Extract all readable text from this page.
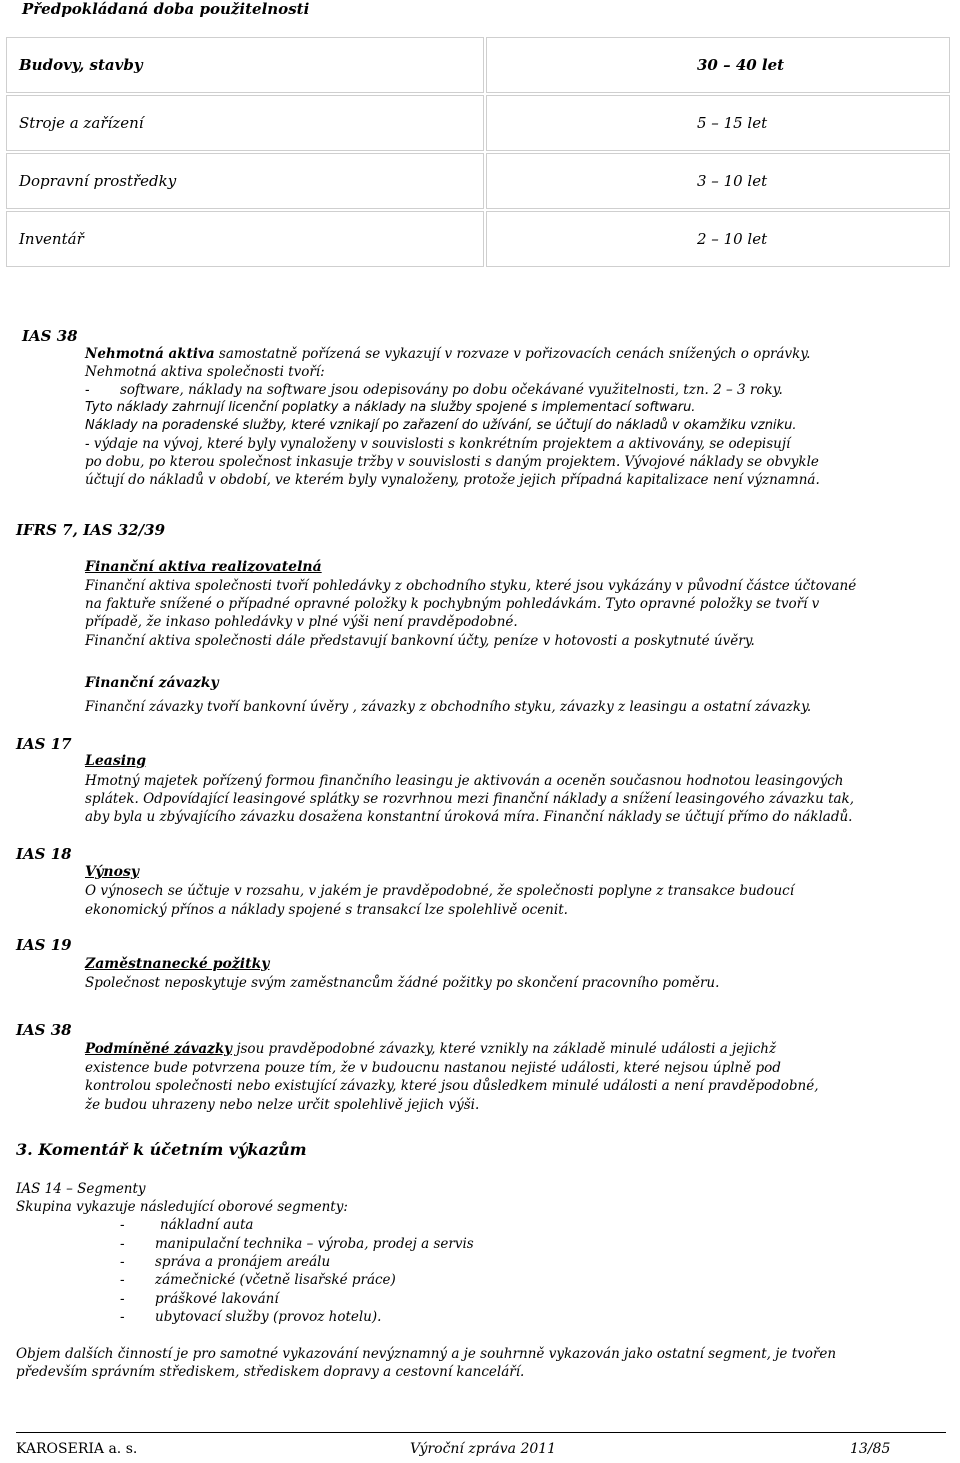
Předpokládaná doba použitelnosti
Budovy, stavby	30 – 40 let
Stroje a zařízení	5 – 15 let
Dopravní prostředky	3 – 10 let
Inventář	2 – 10 let
IAS 38
Nehmotná aktiva samostatně pořízená se vykazují v rozvaze v pořizovacích cenách snížených o oprávky.
Nehmotná aktiva společnosti tvoří:
- software, náklady na software jsou odepisovány po dobu očekávané využitelnosti, tzn. 2 – 3 roky.
Tyto náklady zahrnují licenční poplatky a náklady na služby spojené s implementací softwaru.
Náklady na poradenské služby, které vznikají po zařazení do užívání, se účtují do nákladů v okamžiku vzniku.
- výdaje na vývoj, které byly vynaloženy v souvislosti s konkrétním projektem a aktivovány, se odepisují
po dobu, po kterou společnost inkasuje tržby v souvislosti s daným projektem. Vývojové náklady se obvykle
účtují do nákladů v období, ve kterém byly vynaloženy, protože jejich případná kapitalizace není významná.
IFRS 7, IAS 32/39
Finanční aktiva realizovatelná
Finanční aktiva společnosti tvoří pohledávky z obchodního styku, které jsou vykázány v původní částce účtované
na faktuře snížené o případné opravné položky k pochybným pohledávkám. Tyto opravné položky se tvoří v
případě, že inkaso pohledávky v plné výši není pravděpodobné.
Finanční aktiva společnosti dále představují bankovní účty, peníze v hotovosti a poskytnuté úvěry.
Finanční závazky
Finanční závazky tvoří bankovní úvěry , závazky z obchodního styku, závazky z leasingu a ostatní závazky.
IAS 17
Leasing
Hmotný majetek pořízený formou finančního leasingu je aktivován a oceněn současnou hodnotou leasingových
splátek. Odpovídající leasingové splátky se rozvrhnou mezi finanční náklady a snížení leasingového závazku tak,
aby byla u zbývajícího závazku dosažena konstantní úroková míra. Finanční náklady se účtují přímo do nákladů.
IAS 18
Výnosy
O výnosech se účtuje v rozsahu, v jakém je pravděpodobné, že společnosti poplyne z transakce budoucí
ekonomický přínos a náklady spojené s transakcí lze spolehlivě ocenit.
IAS 19
Zaměstnanecké požitky
Společnost neposkytuje svým zaměstnancům žádné požitky po skončení pracovního poměru.
IAS 38
Podmíněné závazky jsou pravděpodobné závazky, které vznikly na základě minulé události a jejichž
existence bude potvrzena pouze tím, že v budoucnu nastanou nejisté události, které nejsou úplně pod
kontrolou společnosti nebo existující závazky, které jsou důsledkem minulé události a není pravděpodobné,
že budou uhrazeny nebo nelze určit spolehlivě jejich výši.
3. Komentář k účetním výkazům
IAS 14 – Segmenty
Skupina vykazuje následující oborové segmenty:
-	nákladní auta
- manipulační technika – výroba, prodej a servis
- správa a pronájem areálu
- zámečnické (včetně lisařské práce)
- práškové lakování
- ubytovací služby (provoz hotelu).
Objem dalších činností je pro samotné vykazování nevýznamný a je souhrnně vykazován jako ostatní segment, je tvořen
především správním střediskem, střediskem dopravy a cestovní kanceláří.
KAROSERIA a. s.	Výroční zpráva 2011	13/85
